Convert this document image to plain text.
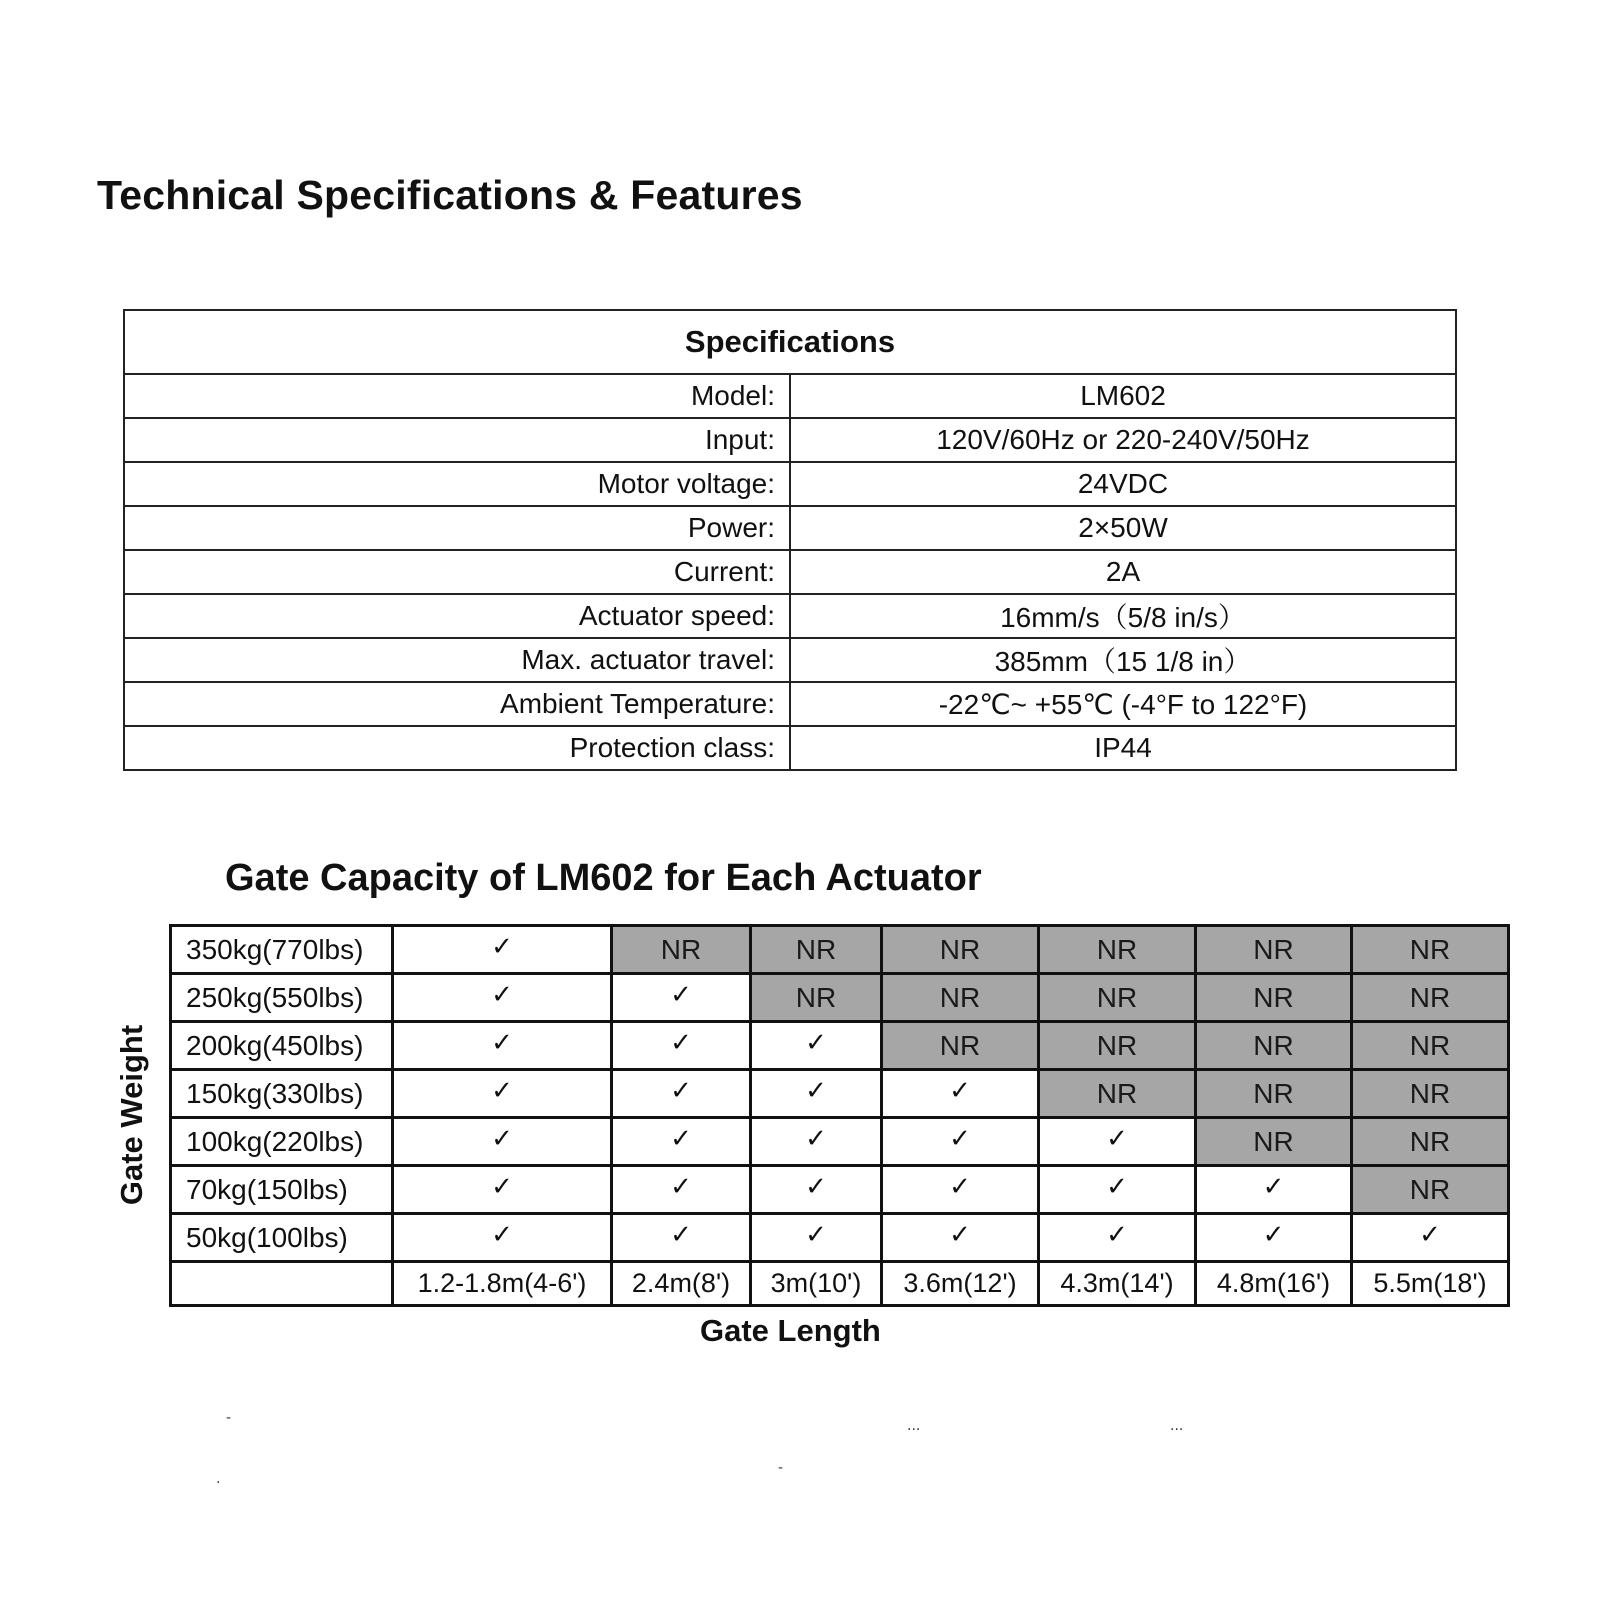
Technical Specifications & Features
Specifications	
Model:	LM602
Input:	120V/60Hz or 220-240V/50Hz
Motor voltage:	24VDC
Power:	2×50W
Current:	2A
Actuator speed:	16mm/s（5/8 in/s）
Max. actuator travel:	385mm（15 1/8 in）
Ambient Temperature:	-22℃~ +55℃ (-4°F to 122°F)
Protection class:	IP44
Gate Capacity of LM602 for Each Actuator
Gate Weight
350kg(770lbs)	✓	NR	NR	NR	NR	NR	NR
250kg(550lbs)	✓	✓	NR	NR	NR	NR	NR
200kg(450lbs)	✓	✓	✓	NR	NR	NR	NR
150kg(330lbs)	✓	✓	✓	✓	NR	NR	NR
100kg(220lbs)	✓	✓	✓	✓	✓	NR	NR
70kg(150lbs)	✓	✓	✓	✓	✓	✓	NR
50kg(100lbs)	✓	✓	✓	✓	✓	✓	✓
	1.2-1.8m(4-6')	2.4m(8')	3m(10')	3.6m(12')	4.3m(14')	4.8m(16')	5.5m(18')
Gate Length
-	...	...
.
-
